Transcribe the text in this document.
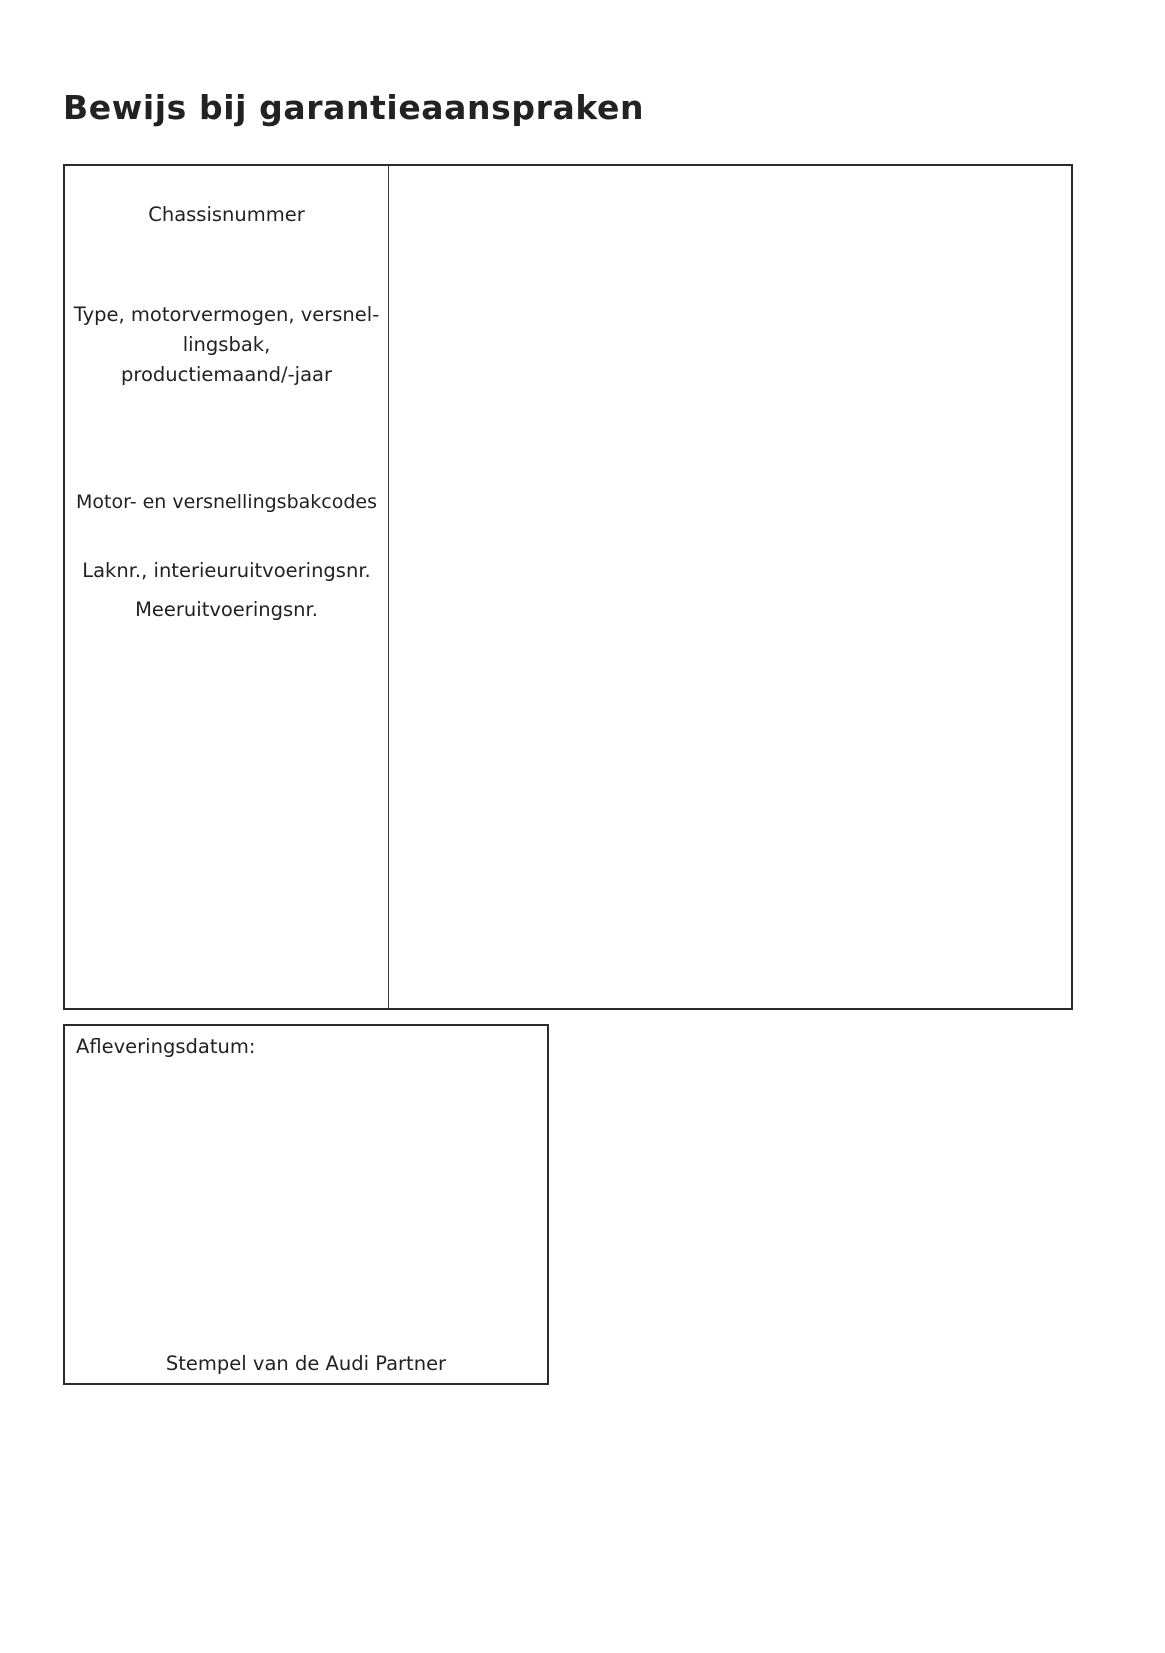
Bewijs bij garantieaanspraken

Chassisnummer

Type, motorvermogen, versnel-
lingsbak,
productiemaand/-jaar

Motor- en versnellingsbakcodes

Laknr., interieuruitvoeringsnr.

Meeruitvoeringsnr.

Afleveringsdatum:
Stempel van de Audi Partner
